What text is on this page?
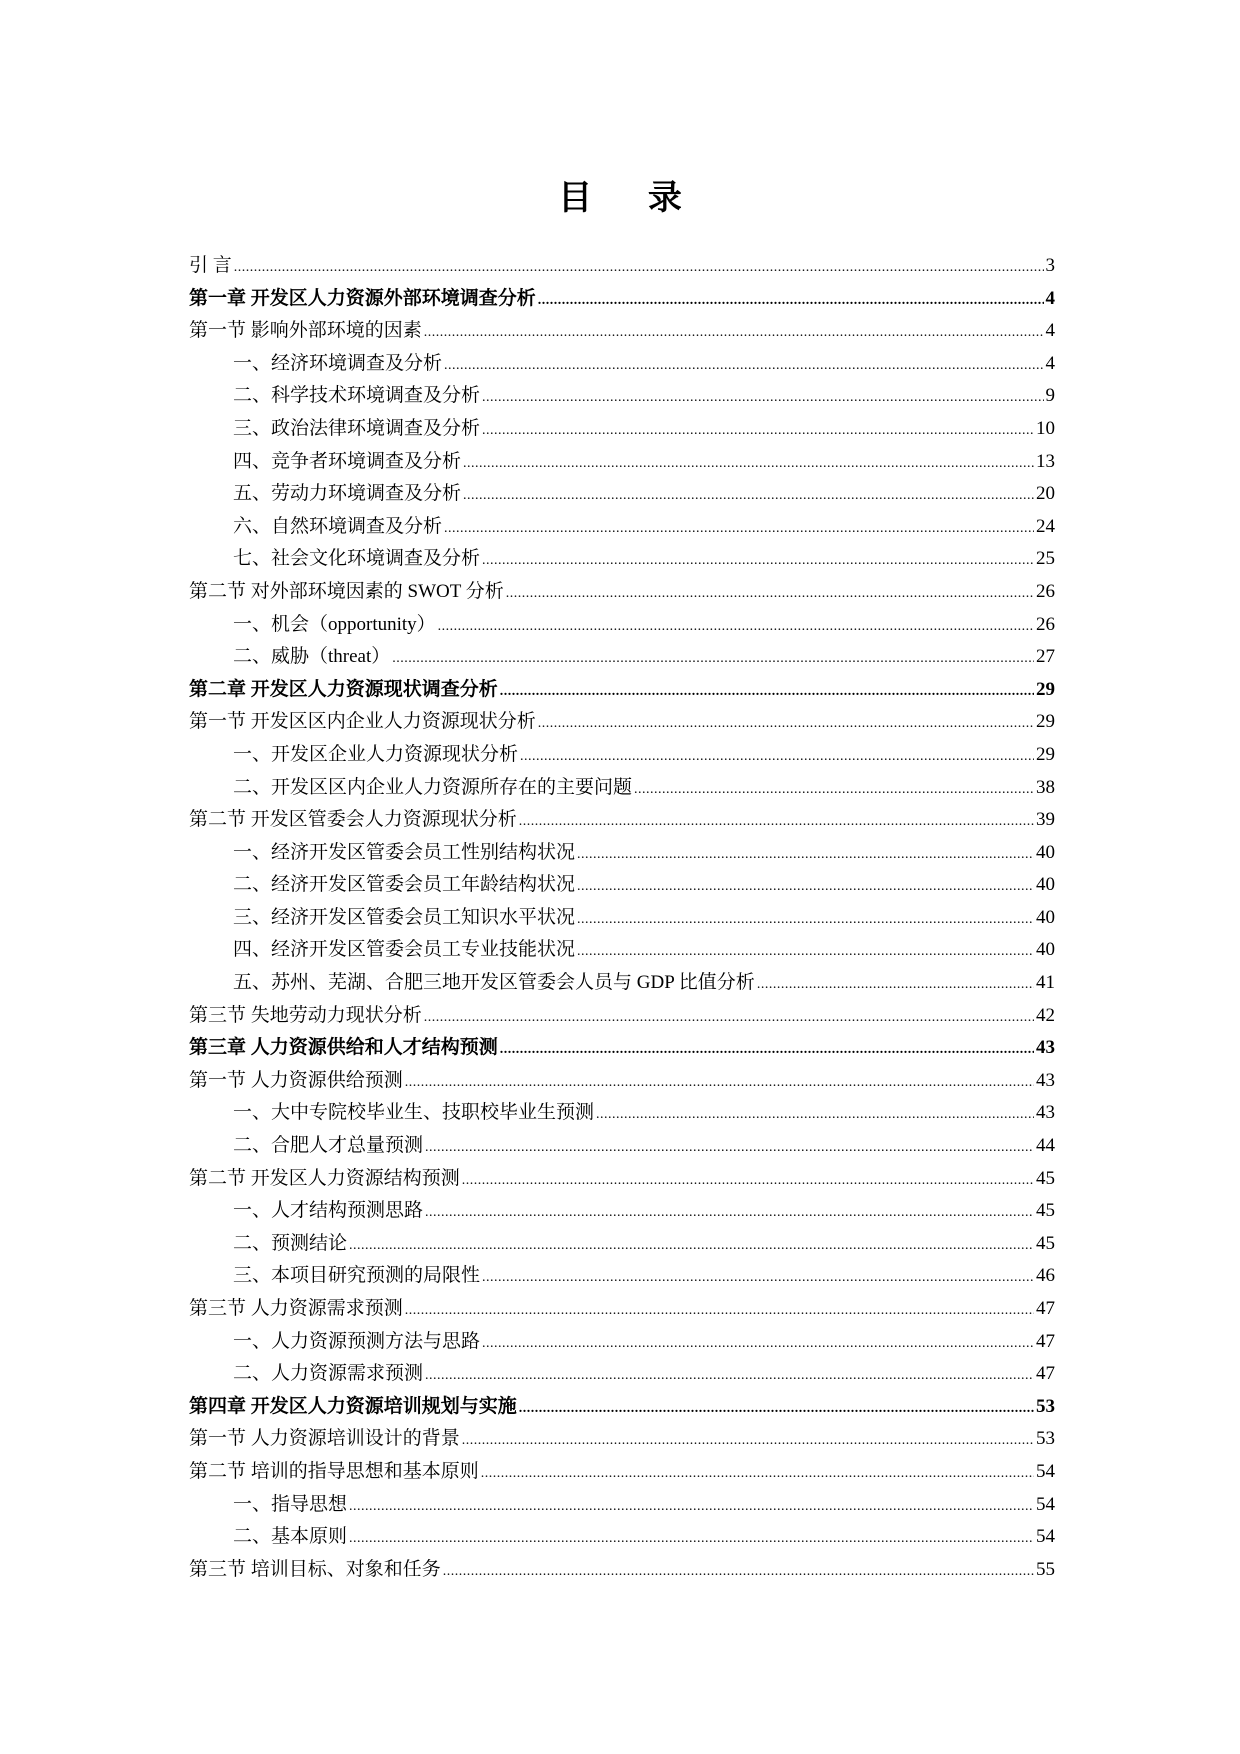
目 录
引 言 .....	3
第一章 开发区人力资源外部环境调查分析 .....	4
第一节 影响外部环境的因素 .....	4
一、经济环境调查及分析 .....	4
二、科学技术环境调查及分析 .....	9
三、政治法律环境调查及分析 .....	10
四、竞争者环境调查及分析 .....	13
五、劳动力环境调查及分析 .....	20
六、自然环境调查及分析 .....	24
七、社会文化环境调查及分析 .....	25
第二节 对外部环境因素的 SWOT 分析 .....	26
一、机会（opportunity） .....	26
二、威胁（threat） .....	27
第二章 开发区人力资源现状调查分析 .....	29
第一节 开发区区内企业人力资源现状分析 .....	29
一、开发区企业人力资源现状分析 .....	29
二、开发区区内企业人力资源所存在的主要问题 .....	38
第二节 开发区管委会人力资源现状分析 .....	39
一、经济开发区管委会员工性别结构状况 .....	40
二、经济开发区管委会员工年龄结构状况 .....	40
三、经济开发区管委会员工知识水平状况 .....	40
四、经济开发区管委会员工专业技能状况 .....	40
五、苏州、芜湖、合肥三地开发区管委会人员与 GDP 比值分析 .....	41
第三节 失地劳动力现状分析 .....	42
第三章 人力资源供给和人才结构预测 .....	43
第一节 人力资源供给预测 .....	43
一、大中专院校毕业生、技职校毕业生预测 .....	43
二、合肥人才总量预测 .....	44
第二节 开发区人力资源结构预测 .....	45
一、人才结构预测思路 .....	45
二、预测结论 .....	45
三、本项目研究预测的局限性 .....	46
第三节 人力资源需求预测 .....	47
一、人力资源预测方法与思路 .....	47
二、人力资源需求预测 .....	47
第四章 开发区人力资源培训规划与实施 .....	53
第一节 人力资源培训设计的背景 .....	53
第二节 培训的指导思想和基本原则 .....	54
一、指导思想 .....	54
二、基本原则 .....	54
第三节 培训目标、对象和任务 .....	55
